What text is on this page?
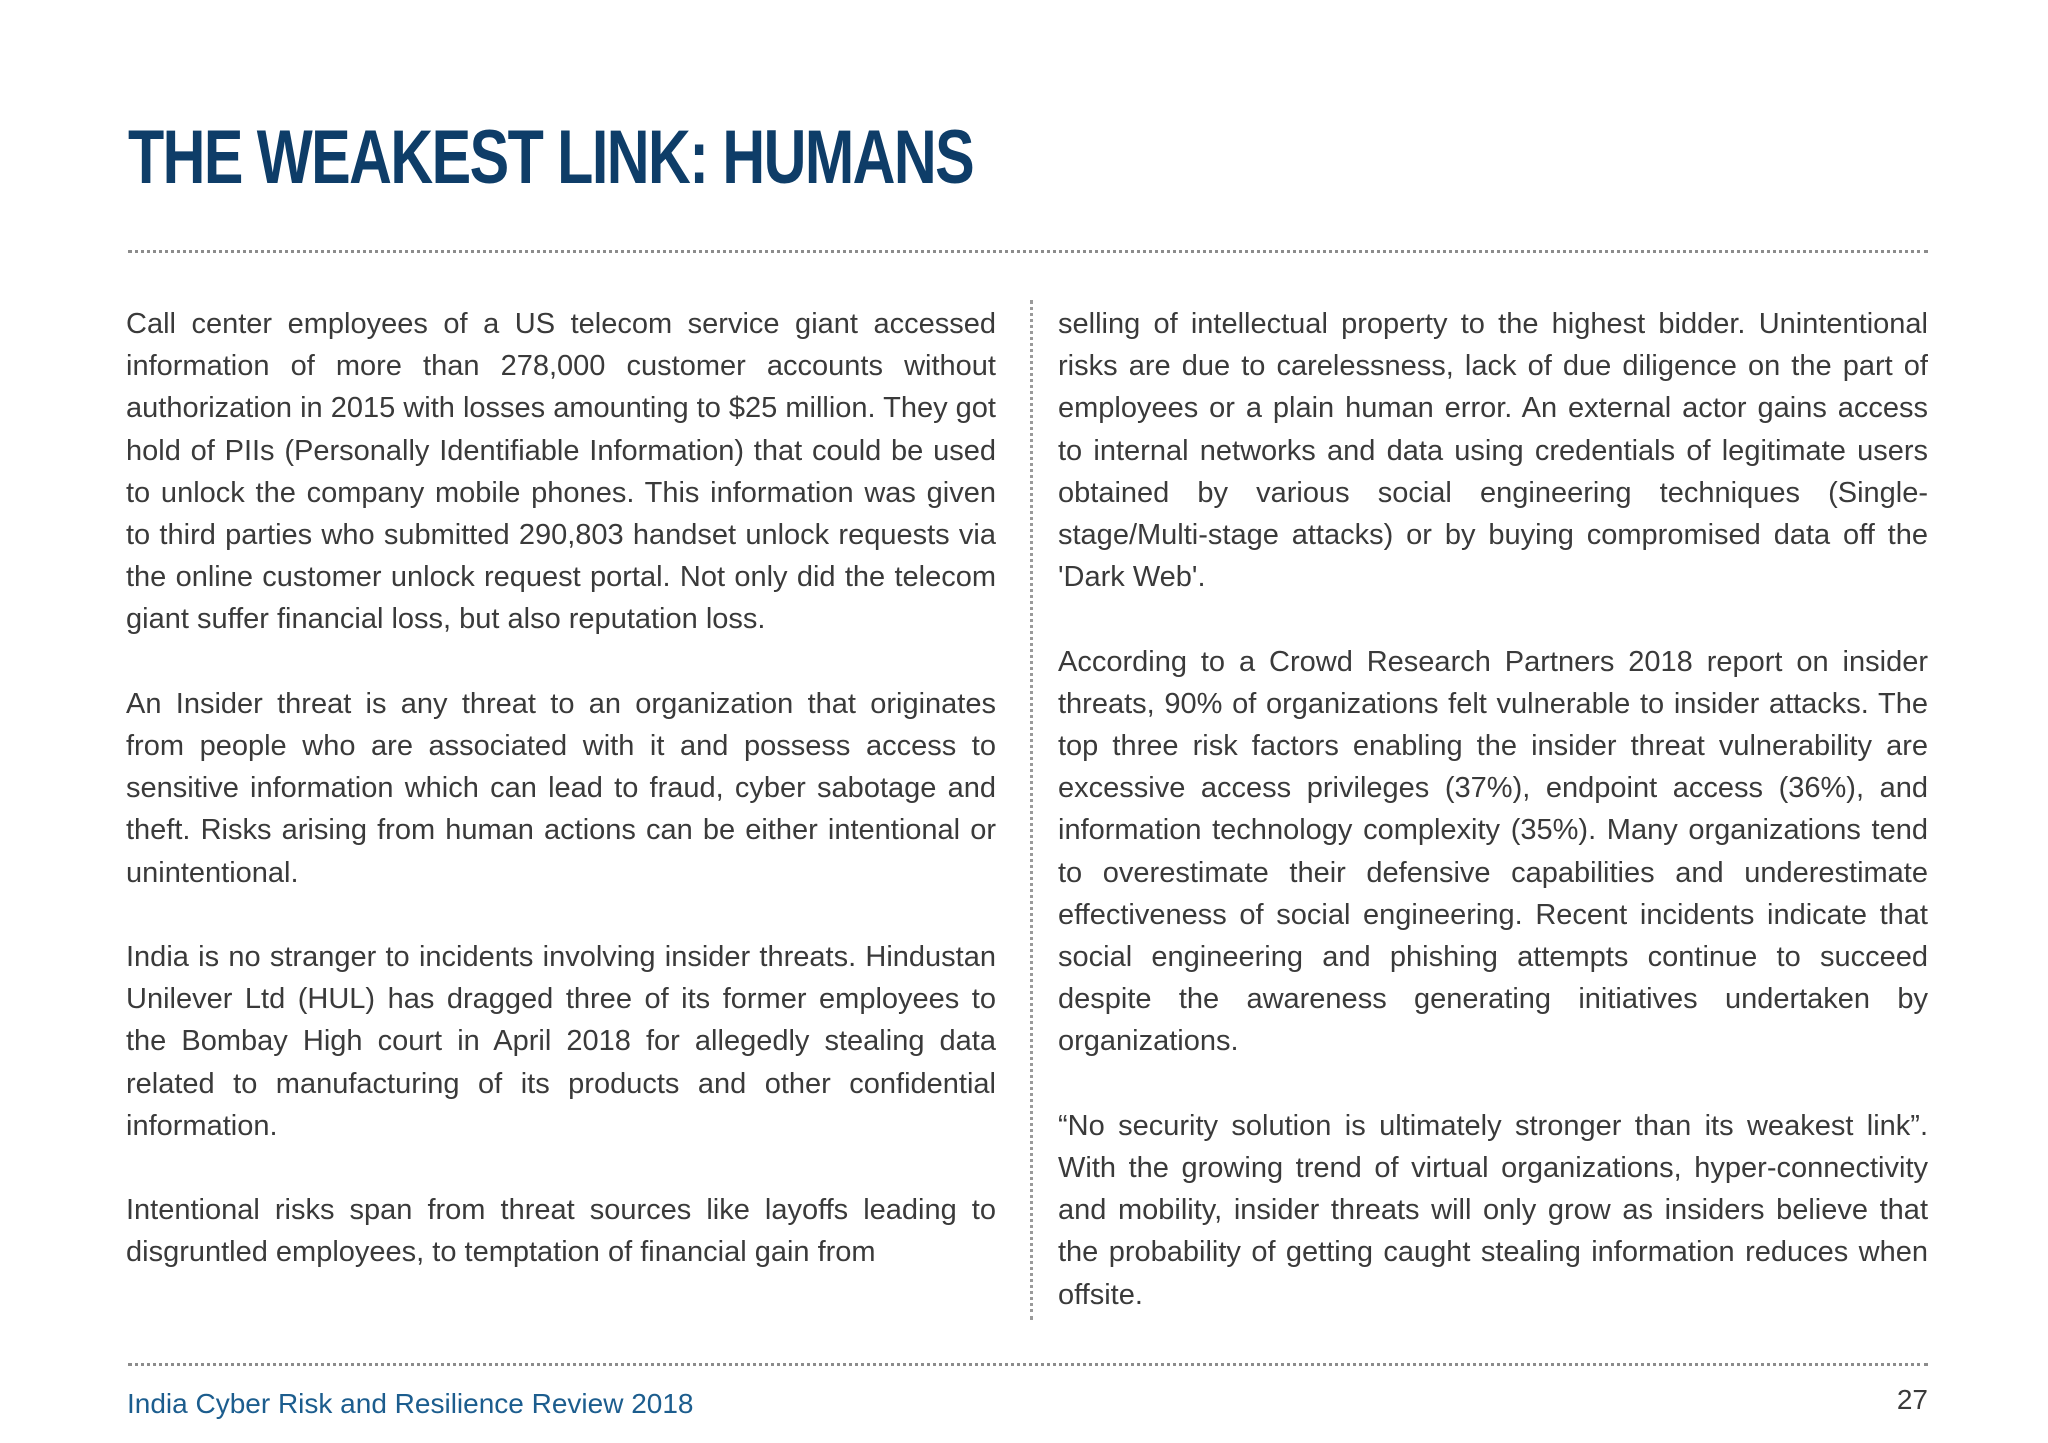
THE WEAKEST LINK: HUMANS

Call center employees of a US telecom service giant accessed information of more than 278,000 customer accounts without authorization in 2015 with losses amounting to $25 million. They got hold of PIIs (Personally Identifiable Information) that could be used to unlock the company mobile phones. This information was given to third parties who submitted 290,803 handset unlock requests via the online customer unlock request portal. Not only did the telecom giant suffer financial loss, but also reputation loss.

An Insider threat is any threat to an organization that originates from people who are associated with it and possess access to sensitive information which can lead to fraud, cyber sabotage and theft. Risks arising from human actions can be either intentional or unintentional.

India is no stranger to incidents involving insider threats. Hindustan Unilever Ltd (HUL) has dragged three of its former employees to the Bombay High court in April 2018 for allegedly stealing data related to manufacturing of its products and other confidential information.

Intentional risks span from threat sources like layoffs leading to disgruntled employees, to temptation of financial gain from

selling of intellectual property to the highest bidder. Unintentional risks are due to carelessness, lack of due diligence on the part of employees or a plain human error. An external actor gains access to internal networks and data using credentials of legitimate users obtained by various social engineering techniques (Single-stage/Multi-stage attacks) or by buying compromised data off the 'Dark Web'.

According to a Crowd Research Partners 2018 report on insider threats, 90% of organizations felt vulnerable to insider attacks. The top three risk factors enabling the insider threat vulnerability are excessive access privileges (37%), endpoint access (36%), and information technology complexity (35%). Many organizations tend to overestimate their defensive capabilities and underestimate effectiveness of social engineering. Recent incidents indicate that social engineering and phishing attempts continue to succeed despite the awareness generating initiatives undertaken by organizations.

“No security solution is ultimately stronger than its weakest link”. With the growing trend of virtual organizations, hyper-connectivity and mobility, insider threats will only grow as insiders believe that the probability of getting caught stealing information reduces when offsite.

India Cyber Risk and Resilience Review 2018	27
